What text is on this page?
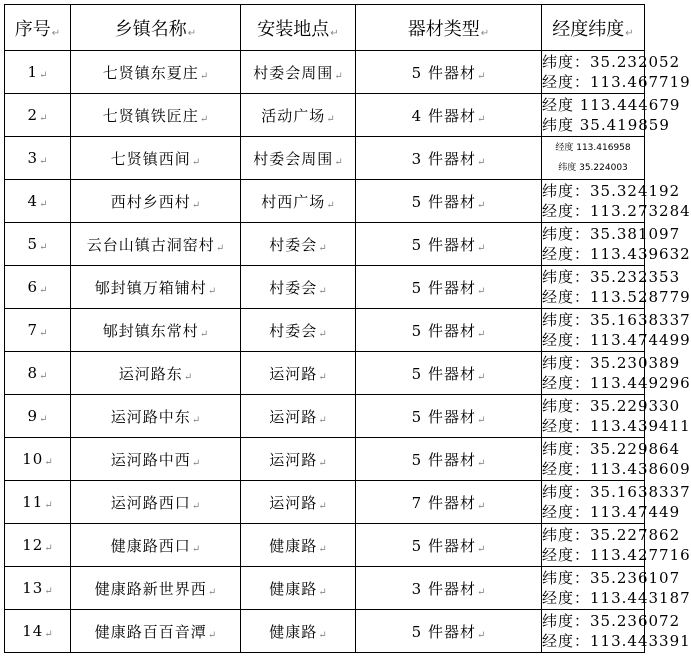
序号↵	乡镇名称↵	安装地点↵	器材类型↵	经度纬度↵
1↵	七贤镇东夏庄↵	村委会周围↵	5 件器材↵	纬度：35.232052
经度：113.467719

2↵	七贤镇铁匠庄↵	活动广场↵	4 件器材↵	经度 113.444679
纬度 35.419859

3↵	七贤镇西间↵	村委会周围↵	3 件器材↵	经度 113.416958
纬度 35.224003

4↵	西村乡西村↵	村西广场↵	5 件器材↵	纬度：35.324192
经度：113.273284

5↵	云台山镇古洞窑村↵	村委会↵	5 件器材↵	纬度：35.381097
经度：113.439632

6↵	郇封镇万箱铺村↵	村委会↵	5 件器材↵	纬度：35.232353
经度：113.528779

7↵	郇封镇东常村↵	村委会↵	5 件器材↵	纬度：35.1638337
经度：113.474499

8↵	运河路东↵	运河路↵	5 件器材↵	纬度：35.230389
经度：113.449296

9↵	运河路中东↵	运河路↵	5 件器材↵	纬度：35.229330
经度：113.439411

10↵	运河路中西↵	运河路↵	5 件器材↵	纬度：35.229864
经度：113.438609

11↵	运河路西口↵	运河路↵	7 件器材↵	纬度：35.1638337
经度：113.47449

12↵	健康路西口↵	健康路↵	5 件器材↵	纬度：35.227862
经度：113.427716

13↵	健康路新世界西↵	健康路↵	3 件器材↵	纬度：35.236107
经度：113.443187

14↵	健康路百百音潭↵	健康路↵	5 件器材↵	纬度：35.236072
经度：113.443391
